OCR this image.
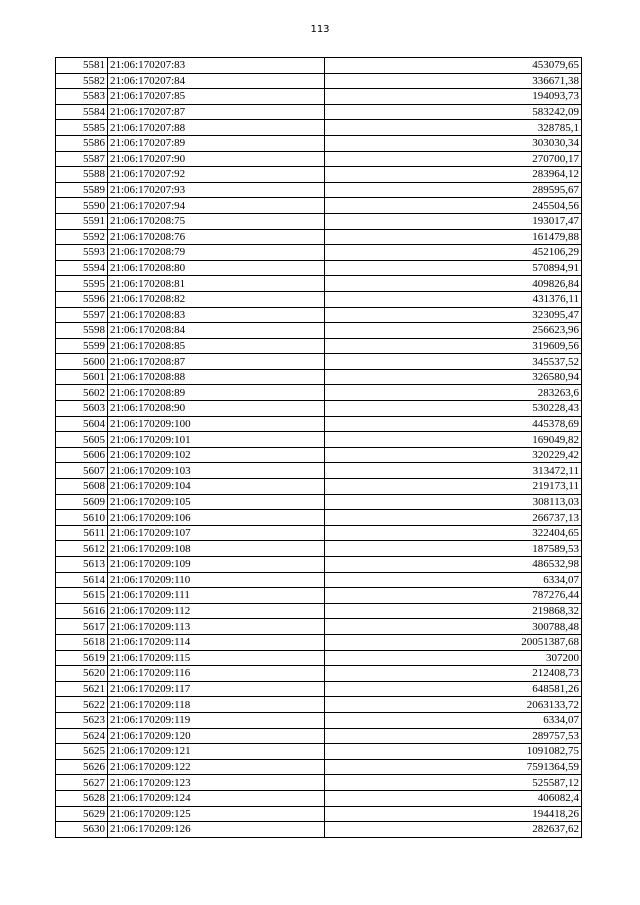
113
5581	21:06:170207:83	453079,65
5582	21:06:170207:84	336671,38
5583	21:06:170207:85	194093,73
5584	21:06:170207:87	583242,09
5585	21:06:170207:88	328785,1
5586	21:06:170207:89	303030,34
5587	21:06:170207:90	270700,17
5588	21:06:170207:92	283964,12
5589	21:06:170207:93	289595,67
5590	21:06:170207:94	245504,56
5591	21:06:170208:75	193017,47
5592	21:06:170208:76	161479,88
5593	21:06:170208:79	452106,29
5594	21:06:170208:80	570894,91
5595	21:06:170208:81	409826,84
5596	21:06:170208:82	431376,11
5597	21:06:170208:83	323095,47
5598	21:06:170208:84	256623,96
5599	21:06:170208:85	319609,56
5600	21:06:170208:87	345537,52
5601	21:06:170208:88	326580,94
5602	21:06:170208:89	283263,6
5603	21:06:170208:90	530228,43
5604	21:06:170209:100	445378,69
5605	21:06:170209:101	169049,82
5606	21:06:170209:102	320229,42
5607	21:06:170209:103	313472,11
5608	21:06:170209:104	219173,11
5609	21:06:170209:105	308113,03
5610	21:06:170209:106	266737,13
5611	21:06:170209:107	322404,65
5612	21:06:170209:108	187589,53
5613	21:06:170209:109	486532,98
5614	21:06:170209:110	6334,07
5615	21:06:170209:111	787276,44
5616	21:06:170209:112	219868,32
5617	21:06:170209:113	300788,48
5618	21:06:170209:114	20051387,68
5619	21:06:170209:115	307200
5620	21:06:170209:116	212408,73
5621	21:06:170209:117	648581,26
5622	21:06:170209:118	2063133,72
5623	21:06:170209:119	6334,07
5624	21:06:170209:120	289757,53
5625	21:06:170209:121	1091082,75
5626	21:06:170209:122	7591364,59
5627	21:06:170209:123	525587,12
5628	21:06:170209:124	406082,4
5629	21:06:170209:125	194418,26
5630	21:06:170209:126	282637,62
